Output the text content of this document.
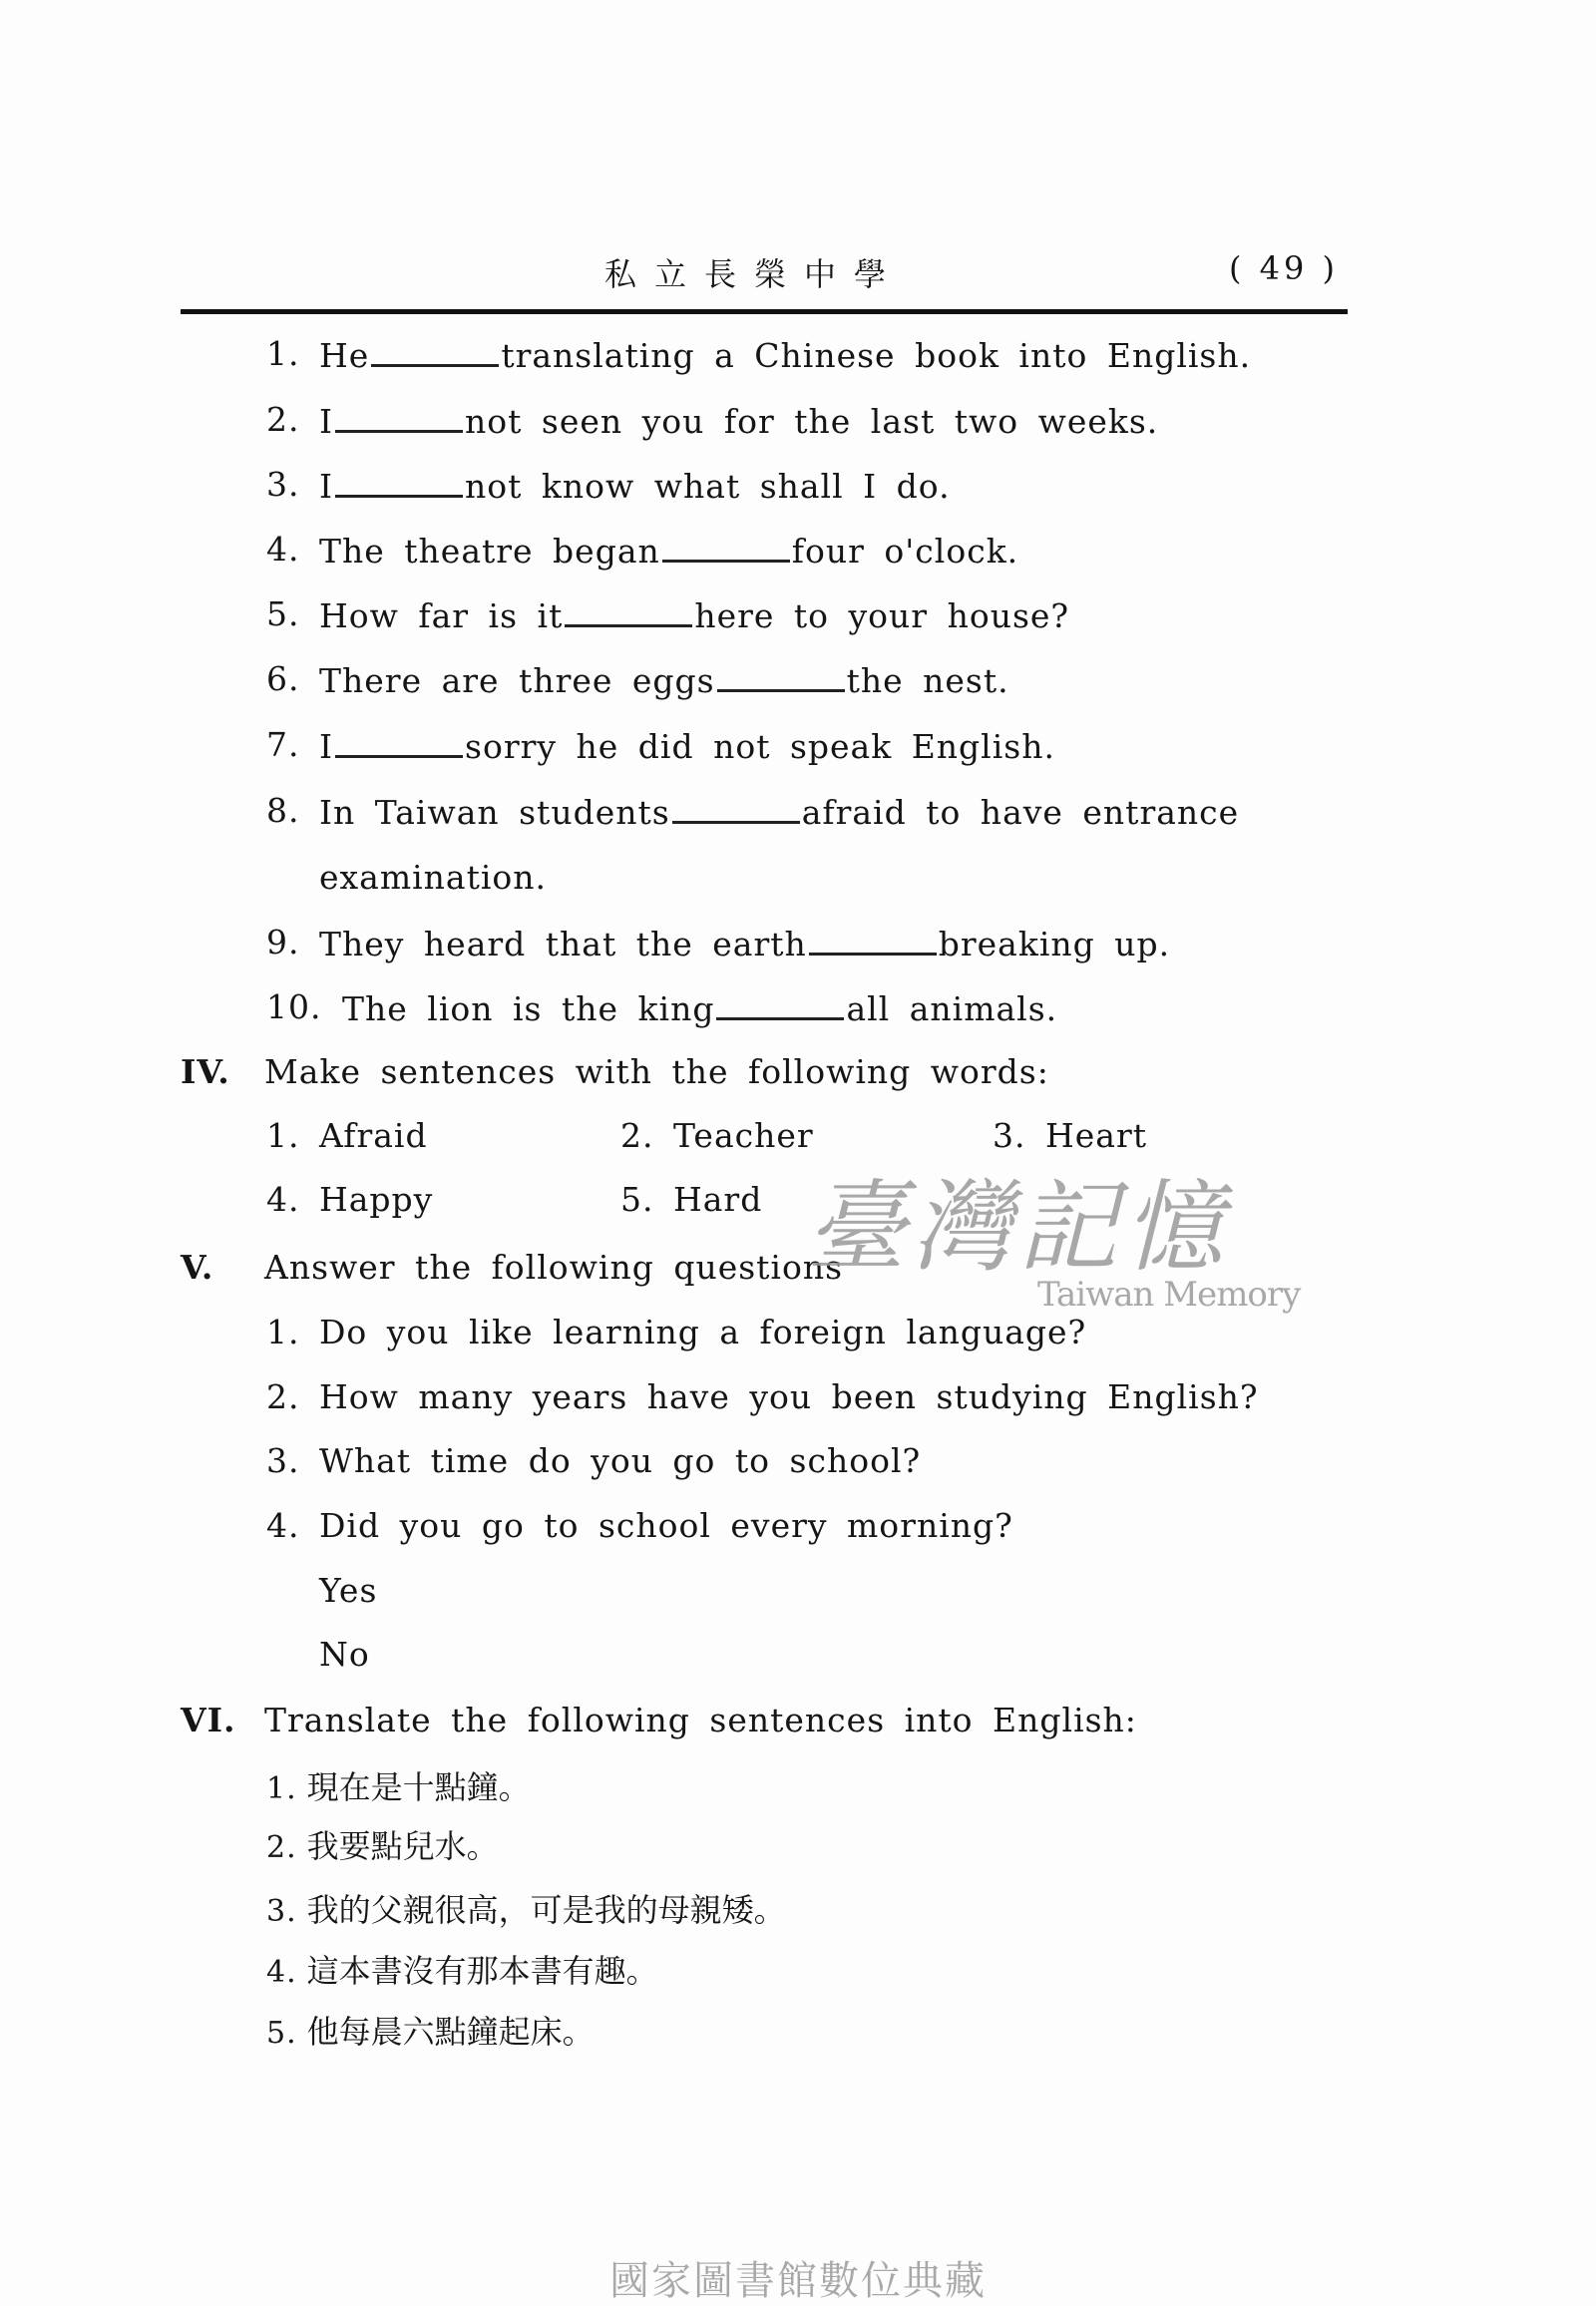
私立長榮中學	( 49 )
1. He	translating a Chinese book into English.
2. I	not seen you for the last two weeks.
3. I	not know what shall I do.
4. The theatre began	four o'clock.
5. How far is it	here to your house?
6. There are three eggs	the nest.
7. I	sorry he did not speak English.
8. In Taiwan students	afraid to have entrance
examination.
9. They heard that the earth	breaking up.
10. The lion is the king	all animals.
IV. Make sentences with the following words:
1. Afraid	2. Teacher	3. Heart
4. Happy	5. Hard
V. Answer the following questions
1. Do you like learning a foreign language?
2. How many years have you been studying English?
3. What time do you go to school?
4. Did you go to school every morning?
Yes
No
VI. Translate the following sentences into English:
1. 現在是十點鐘。
2. 我要點兒水。
3. 我的父親很高，可是我的母親矮。
4. 這本書沒有那本書有趣。
5. 他每晨六點鐘起床。
臺灣記憶
Taiwan Memory
國家圖書館數位典藏
